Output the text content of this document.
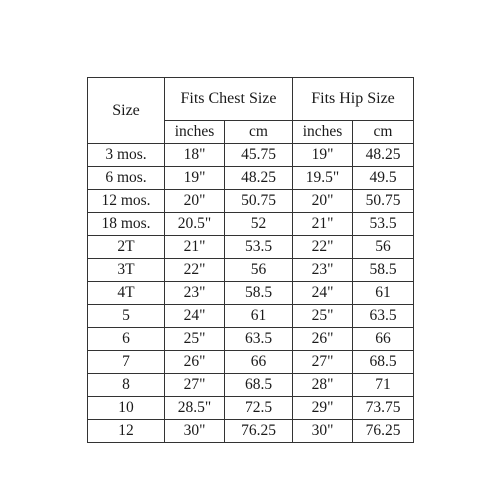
Size	Fits Chest Size		Fits Hip Size		
	inches	cm	inches	cm	
3 mos.	18"	45.75	19"	48.25	
6 mos.	19"	48.25	19.5"	49.5	
12 mos.	20"	50.75	20"	50.75	
18 mos.	20.5"	52	21"	53.5	
2T	21"	53.5	22"	56	
3T	22"	56	23"	58.5	
4T	23"	58.5	24"	61	
5	24"	61	25"	63.5	
6	25"	63.5	26"	66	
7	26"	66	27"	68.5	
8	27"	68.5	28"	71	
10	28.5"	72.5	29"	73.75	
12	30"	76.25	30"	76.25	
